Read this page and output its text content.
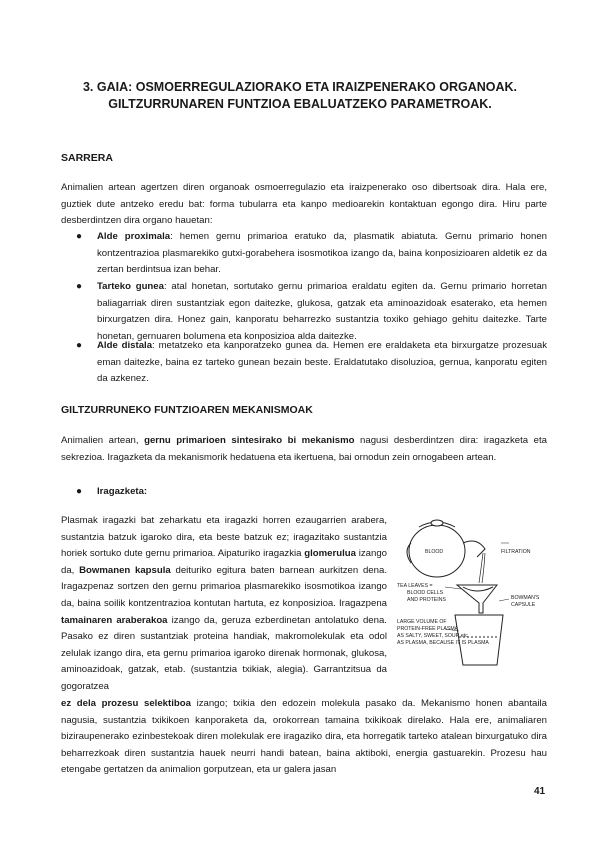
3. GAIA: OSMOERREGULAZIORAKO ETA IRAIZPENERAKO ORGANOAK.
GILTZURRUNAREN FUNTZIOA EBALUATZEKO PARAMETROAK.
SARRERA
Animalien artean agertzen diren organoak osmoerregulazio eta iraizpenerako oso dibertsoak dira. Hala ere, guztiek dute antzeko eredu bat: forma tubularra eta kanpo medioarekin kontaktuan egongo dira. Hiru parte desberdintzen dira organo hauetan:
● Alde proximala: hemen gernu primarioa eratuko da, plasmatik abiatuta. Gernu primario honen kontzentrazioa plasmarekiko gutxi-gorabehera isosmotikoa izango da, baina konposizioaren aldetik ez da zertan berdintsua izan behar.
● Tarteko gunea: atal honetan, sortutako gernu primarioa eraldatu egiten da. Gernu primario horretan baliagarriak diren sustantziak egon daitezke, glukosa, gatzak eta aminoazidoak esaterako, eta hemen birxurgatzen dira. Honez gain, kanporatu beharrezko sustantzia toxiko gehiago gehitu daitezke. Tarte honetan, gernuaren bolumena eta konposizioa alda daitezke.
● Alde distala: metatzeko eta kanporatzeko gunea da. Hemen ere eraldaketa eta birxurgatze prozesuak eman daitezke, baina ez tarteko gunean bezain beste. Eraldatutako disoluzioa, gernua, kanporatu egiten da azkenez.
GILTZURRUNEKO FUNTZIOAREN MEKANISMOAK
Animalien artean, gernu primarioen sintesirako bi mekanismo nagusi desberdintzen dira: iragazketa eta sekrezioa. Iragazketa da mekanismorik hedatuena eta ikertuena, bai ornodun zein ornogabeen artean.
● Iragazketa:
Plasmak iragazki bat zeharkatu eta iragazki horren ezaugarrien arabera, sustantzia batzuk igaroko dira, eta beste batzuk ez; iragazitako sustantzia horiek sortuko dute gernu primarioa. Aipaturiko iragazkia glomerulua izango da, Bowmanen kapsula deituriko egitura baten barnean aurkitzen dena. Iragazpenaz sortzen den gernu primarioa plasmarekiko isosmotikoa izango da, baina soilik kontzentrazioa kontutan hartuta, ez konposizioa. Iragazpena tamainaren araberakoa izango da, geruza ezberdinetan antolatuko dena. Pasako ez diren sustantziak proteina handiak, makromolekulak eta odol zelulak izango dira, eta gernu primarioa igaroko direnak hormonak, glukosa, aminoazidoak, gatzak, etab. (sustantzia txikiak, alegia). Garrantzitsua da gogoratzea
ez dela prozesu selektiboa izango; txikia den edozein molekula pasako da. Mekanismo honen abantaila nagusia, sustantzia txikikoen kanporaketa da, orokorrean tamaina txikikoak direlako. Hala ere, animaliaren biziraupenerako ezinbestekoak diren molekulak ere iragaziko dira, eta horregatik tarteko atalean birxurgatuko dira beharrezkoak diren sustantzia hauek neurri handi batean, baina aktiboki, energia gastuarekin. Prozesu hau etengabe gertatzen da animalion gorputzean, eta ur galera jasan
BLOOD	FILTRATION
TEA LEAVES =
BLOOD CELLS
AND PROTEINS	BOWMAN'S
CAPSULE
LARGE VOLUME OF
PROTEIN-FREE PLASMA
AS SALTY, SWEET, SOUR etc
AS PLASMA, BECAUSE IT IS PLASMA
41
